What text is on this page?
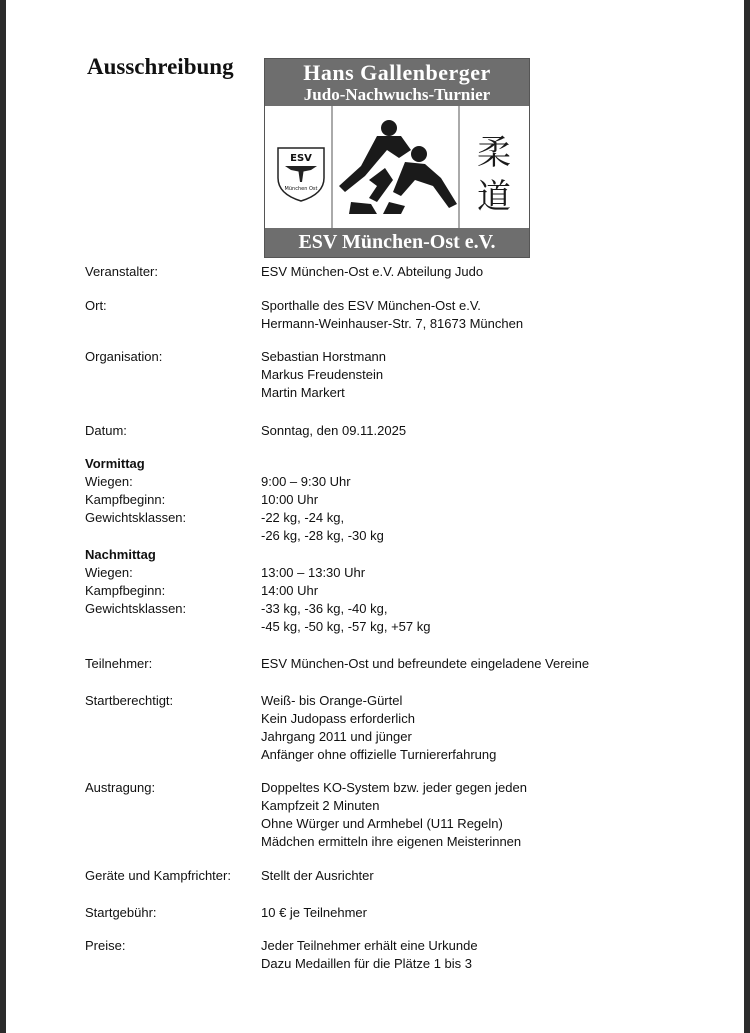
Ausschreibung	Hans Gallenberger
Judo-Nachwuchs-Turnier
ESV
München Ost
柔
道
ESV München-Ost e.V.
Veranstalter:	ESV München-Ost e.V. Abteilung Judo
Ort:	Sporthalle des ESV München-Ost e.V.
Hermann-Weinhauser-Str. 7, 81673 München
Organisation:	Sebastian Horstmann
Markus Freudenstein
Martin Markert
Datum:	Sonntag, den 09.11.2025
Vormittag
Wiegen:
Kampfbeginn:
Gewichtsklassen:
9:00 – 9:30 Uhr
10:00 Uhr
-22 kg, -24 kg,
-26 kg, -28 kg, -30 kg
Nachmittag
Wiegen:
Kampfbeginn:
Gewichtsklassen:
13:00 – 13:30 Uhr
14:00 Uhr
-33 kg, -36 kg, -40 kg,
-45 kg, -50 kg, -57 kg, +57 kg
Teilnehmer:	ESV München-Ost und befreundete eingeladene Vereine
Startberechtigt:	Weiß- bis Orange-Gürtel
Kein Judopass erforderlich
Jahrgang 2011 und jünger
Anfänger ohne offizielle Turniererfahrung
Austragung:	Doppeltes KO-System bzw. jeder gegen jeden
Kampfzeit 2 Minuten
Ohne Würger und Armhebel (U11 Regeln)
Mädchen ermitteln ihre eigenen Meisterinnen
Geräte und Kampfrichter: Stellt der Ausrichter
Startgebühr:	10 € je Teilnehmer
Preise:	Jeder Teilnehmer erhält eine Urkunde
Dazu Medaillen für die Plätze 1 bis 3
